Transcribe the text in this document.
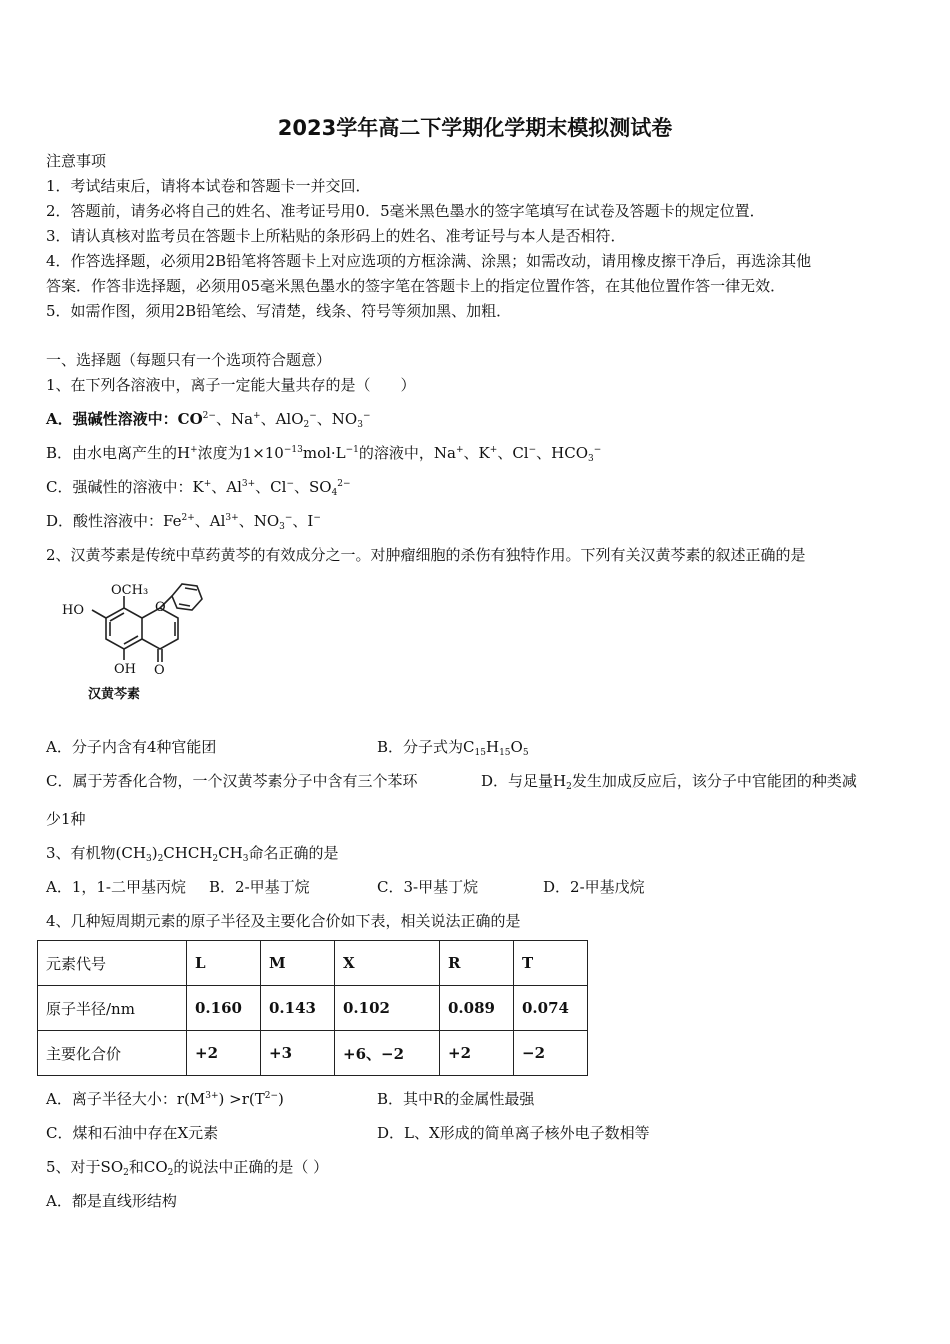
2023学年高二下学期化学期末模拟测试卷
注意事项
1．考试结束后，请将本试卷和答题卡一并交回．
2．答题前，请务必将自己的姓名、准考证号用0．5毫米黑色墨水的签字笔填写在试卷及答题卡的规定位置．
3．请认真核对监考员在答题卡上所粘贴的条形码上的姓名、准考证号与本人是否相符．
4．作答选择题，必须用2B铅笔将答题卡上对应选项的方框涂满、涂黑；如需改动，请用橡皮擦干净后，再选涂其他
答案．作答非选择题，必须用05毫米黑色墨水的签字笔在答题卡上的指定位置作答，在其他位置作答一律无效．
5．如需作图，须用2B铅笔绘、写清楚，线条、符号等须加黑、加粗．
一、选择题（每题只有一个选项符合题意）
1、在下列各溶液中，离子一定能大量共存的是（　　）
A．强碱性溶液中：$CO^{2-}$、Na+、AlO$_2$−、$NO_3^-$
B．由水电离产生的H+浓度为$1\times 10^{-13}mol\cdot L^{-1}$的溶液中，Na+、K+、Cl−、$HCO_3^-$
C．强碱性的溶液中：K+、$Al^{3+}$、Cl−、$SO_4^{2-}$
D．酸性溶液中：$Fe^{2+}$、$Al^{3+}$、$NO_3^-$、I−
2、汉黄芩素是传统中草药黄芩的有效成分之一。对肿瘤细胞的杀伤有独特作用。下列有关汉黄芩素的叙述正确的是
OCH₃
HO
OH
O
O
汉黄芩素
A．分子内含有4种官能团	B．分子式为$C_{15}H_{15}O_5$
C．属于芳香化合物，一个汉黄芩素分子中含有三个苯环	D．与足量$H_2$发生加成反应后，该分子中官能团的种类减
少1种
3、有机物$(CH_3)_2CHCH_2CH_3$命名正确的是
A．1，1-二甲基丙烷 B．2-甲基丁烷	C．3-甲基丁烷	D．2-甲基戊烷
4、几种短周期元素的原子半径及主要化合价如下表，相关说法正确的是
元素代号	L	M	X	R	T
原子半径/nm	0.160	0.143	0.102	0.089	0.074
主要化合价	+2	+3	+6、−2	+2	−2
A．离子半径大小：$r(M^{3+}) >r(T^{2-})$	B．其中R的金属性最强
C．煤和石油中存在X元素	D．L、X形成的简单离子核外电子数相等
5、对于$SO_2$和$CO_2$的说法中正确的是（ ）
A．都是直线形结构
